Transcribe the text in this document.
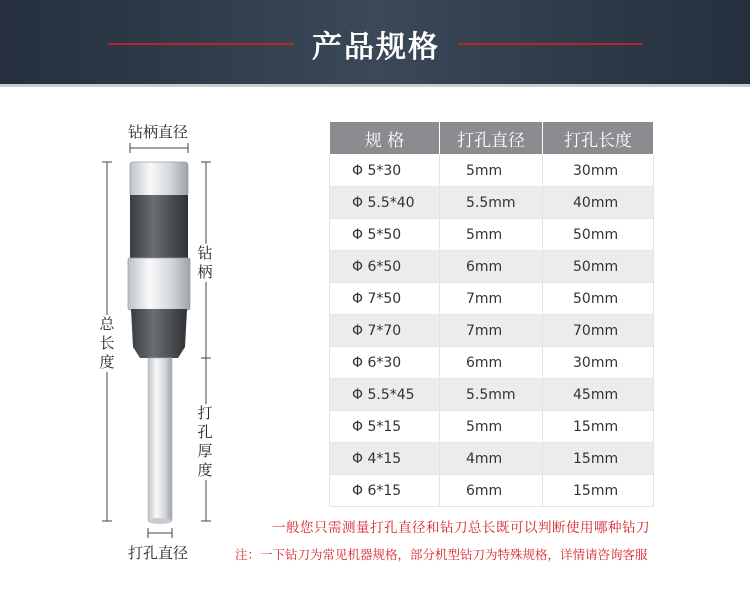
产品规格
钻柄直径
钻柄
总长度
打孔厚度
打孔直径
规 格	打孔直径	打孔长度
Φ 5*30	5mm	30mm
Φ 5.5*40	5.5mm	40mm
Φ 5*50	5mm	50mm
Φ 6*50	6mm	50mm
Φ 7*50	7mm	50mm
Φ 7*70	7mm	70mm
Φ 6*30	6mm	30mm
Φ 5.5*45	5.5mm	45mm
Φ 5*15	5mm	15mm
Φ 4*15	4mm	15mm
Φ 6*15	6mm	15mm
一般您只需测量打孔直径和钻刀总长既可以判断使用哪种钻刀
注：一下钻刀为常见机器规格，部分机型钻刀为特殊规格，详情请咨询客服
